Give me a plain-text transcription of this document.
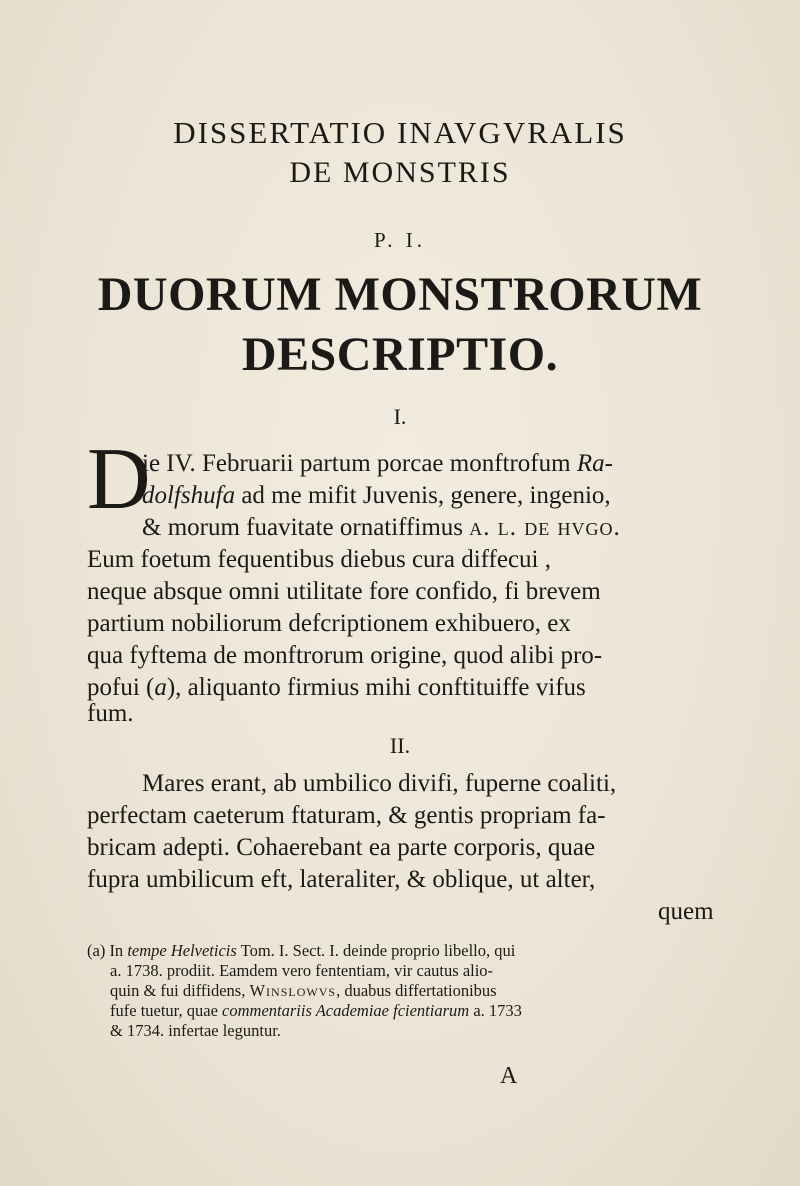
DISSERTATIO INAVGVRALIS
DE MONSTRIS
P. I.
DUORUM MONSTRORUM
DESCRIPTIO.
I.
D
ie IV. Februarii partum porcae monftrofum Ra-
dolfshufa ad me mifit Juvenis, genere, ingenio,
& morum fuavitate ornatiffimus a. l. de hvgo.
Eum foetum fequentibus diebus cura diffecui ,
neque absque omni utilitate fore confido, fi brevem
partium nobiliorum defcriptionem exhibuero, ex
qua fyftema de monftrorum origine, quod alibi pro-
pofui (a), aliquanto firmius mihi conftituiffe vifus
fum.
II.
Mares erant, ab umbilico divifi, fuperne coaliti,
perfectam caeterum ftaturam, & gentis propriam fa-
bricam adepti. Cohaerebant ea parte corporis, quae
fupra umbilicum eft, lateraliter, & oblique, ut alter,
quem
(a) In tempe Helveticis Tom. I. Sect. I. deinde proprio libello, qui
a. 1738. prodiit. Eamdem vero fententiam, vir cautus alio-
quin & fui diffidens, Winslowvs, duabus differtationibus
fufe tuetur, quae commentariis Academiae fcientiarum a. 1733
& 1734. infertae leguntur.
A
